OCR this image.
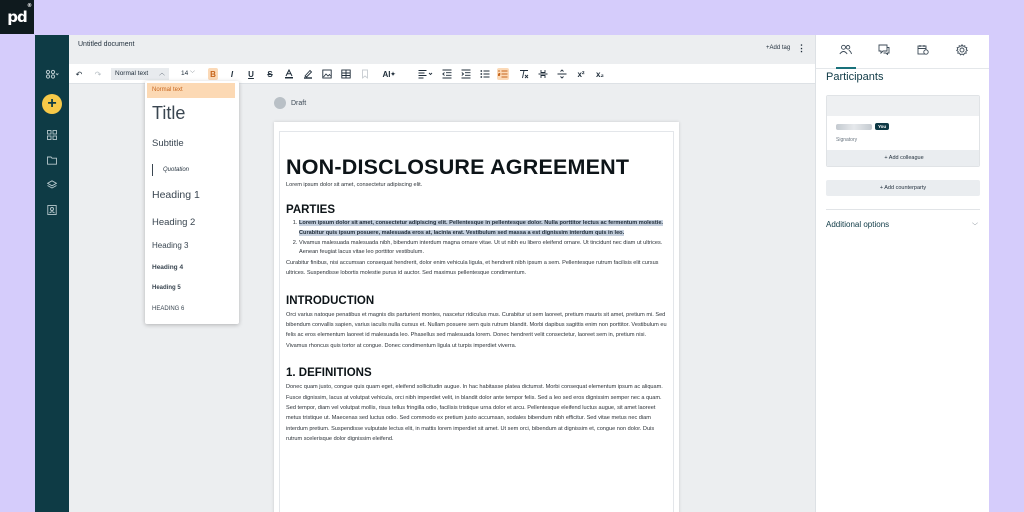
pd
®
+
Untitled document	+Add tag ⋮
↶ ↷	Normal text ︿ 14 ﹀ B	I	U S	AI ✦	x²	x₂
Draft
NON-DISCLOSURE AGREEMENT
Lorem ipsum dolor sit amet, consectetur adipiscing elit.
PARTIES
1. Lorem ipsum dolor sit amet, consectetur adipiscing elit. Pellentesque in pellentesque dolor. Nulla porttitor lectus ac fermentum molestie. Curabitur quis ipsum posuere, malesuada eros at, lacinia erat. Vestibulum sed massa a est dignissim interdum quis in leo.
2. Vivamus malesuada malesuada nibh, bibendum interdum magna ornare vitae. Ut ut nibh eu libero eleifend ornare. Ut tincidunt nec diam ut ultrices. Aenean feugiat lacus vitae leo porttitor vestibulum.
Curabitur finibus, nisi accumsan consequat hendrerit, dolor enim vehicula ligula, et hendrerit nibh ipsum a sem. Pellentesque rutrum facilisis elit cursus ultrices. Suspendisse lobortis molestie purus id auctor. Sed maximus pellentesque condimentum.
INTRODUCTION
Orci varius natoque penatibus et magnis dis parturient montes, nascetur ridiculus mus. Curabitur ut sem laoreet, pretium mauris sit amet, pretium mi. Sed bibendum convallis sapien, varius iaculis nulla cursus et. Nullam posuere sem quis rutrum blandit. Morbi dapibus sagittis enim non porttitor. Vestibulum eu felis ac eros elementum laoreet id malesuada leo. Phasellus sed malesuada lorem. Donec hendrerit velit consectetur, laoreet sem in, pretium nisi. Vivamus rhoncus quis tortor at congue. Donec condimentum ligula ut turpis imperdiet viverra.
1. DEFINITIONS
Donec quam justo, congue quis quam eget, eleifend sollicitudin augue. In hac habitasse platea dictumst. Morbi consequat elementum ipsum ac aliquam. Fusce dignissim, lacus at volutpat vehicula, orci nibh imperdiet velit, in blandit dolor ante tempor felis. Sed a leo sed eros dignissim semper nec a quam. Sed tempor, diam vel volutpat mollis, risus tellus fringilla odio, facilisis tristique urna dolor et arcu. Pellentesque eleifend luctus augue, sit amet laoreet metus tristique ut. Maecenas sed luctus odio. Sed commodo ex pretium justo accumsan, sodales bibendum nibh efficitur. Sed vitae metus nec diam interdum pretium. Suspendisse vulputate lectus elit, in mattis lorem imperdiet sit amet. Ut sem orci, bibendum at dignissim et, congue non dolor. Duis rutrum scelerisque dolor dignissim eleifend.
Normal text
Title
Subtitle
Quotation
Heading 1
Heading 2
Heading 3
Heading 4
Heading 5
HEADING 6
Participants
You
Signatory
+ Add colleague
+ Add counterparty
Additional options	﹀
